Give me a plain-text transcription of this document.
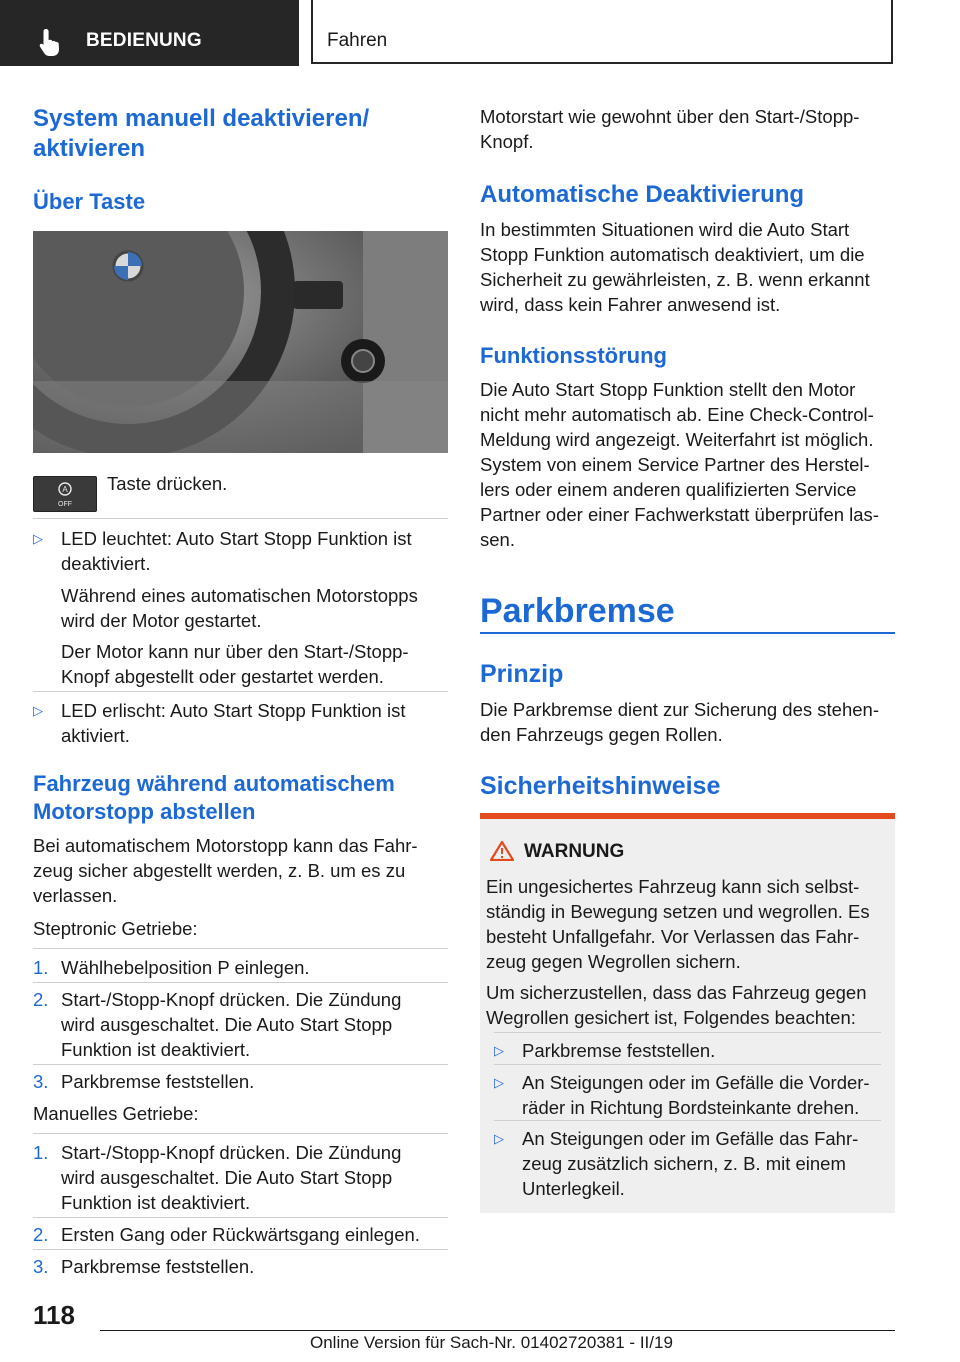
BEDIENUNG	Fahren
System manuell deaktivieren/
aktivieren
Über Taste
A
OFF

Taste drücken.

▷ LED leuchtet: Auto Start Stopp Funktion ist
deaktiviert.

Während eines automatischen Motorstopps
wird der Motor gestartet.

Der Motor kann nur über den Start-/Stopp-
Knopf abgestellt oder gestartet werden.

▷ LED erlischt: Auto Start Stopp Funktion ist
aktiviert.
Fahrzeug während automatischem
Motorstopp abstellen

Bei automatischem Motorstopp kann das Fahr-
zeug sicher abgestellt werden, z. B. um es zu
verlassen.

Steptronic Getriebe:

1. Wählhebelposition P einlegen.
2. Start-/Stopp-Knopf drücken. Die Zündung
wird ausgeschaltet. Die Auto Start Stopp
Funktion ist deaktiviert.
3. Parkbremse feststellen.

Manuelles Getriebe:

1. Start-/Stopp-Knopf drücken. Die Zündung
wird ausgeschaltet. Die Auto Start Stopp
Funktion ist deaktiviert.
2. Ersten Gang oder Rückwärtsgang einlegen.
3. Parkbremse feststellen.

Motorstart wie gewohnt über den Start-/Stopp-
Knopf.

Automatische Deaktivierung

In bestimmten Situationen wird die Auto Start
Stopp Funktion automatisch deaktiviert, um die
Sicherheit zu gewährleisten, z. B. wenn erkannt
wird, dass kein Fahrer anwesend ist.

Funktionsstörung

Die Auto Start Stopp Funktion stellt den Motor
nicht mehr automatisch ab. Eine Check-Control-
Meldung wird angezeigt. Weiterfahrt ist möglich.
System von einem Service Partner des Herstel-
lers oder einem anderen qualifizierten Service
Partner oder einer Fachwerkstatt überprüfen las-
sen.

Parkbremse
Prinzip

Die Parkbremse dient zur Sicherung des stehen-
den Fahrzeugs gegen Rollen.

Sicherheitshinweise
WARNUNG

Ein ungesichertes Fahrzeug kann sich selbst-
ständig in Bewegung setzen und wegrollen. Es
besteht Unfallgefahr. Vor Verlassen das Fahr-
zeug gegen Wegrollen sichern.

Um sicherzustellen, dass das Fahrzeug gegen
Wegrollen gesichert ist, Folgendes beachten:

▷ Parkbremse feststellen.
▷ An Steigungen oder im Gefälle die Vorder-
räder in Richtung Bordsteinkante drehen.
▷ An Steigungen oder im Gefälle das Fahr-
zeug zusätzlich sichern, z. B. mit einem
Unterlegkeil.
118
Online Version für Sach-Nr. 01402720381 - II/19
